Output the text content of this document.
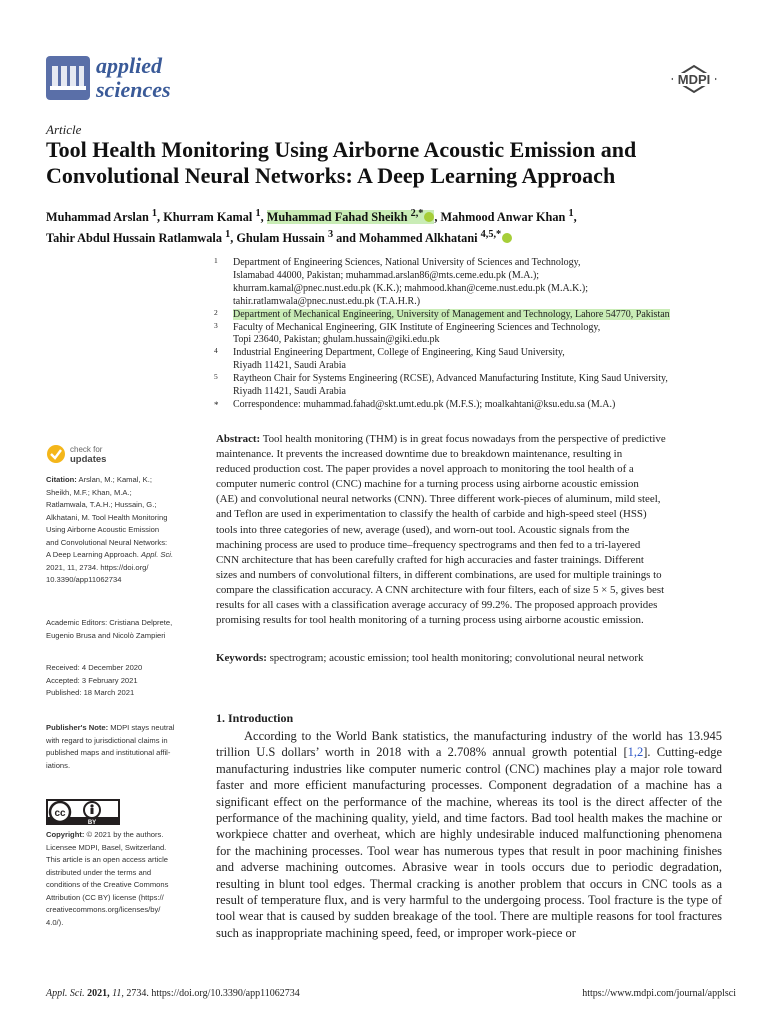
applied
sciences	MDPI
Article
Tool Health Monitoring Using Airborne Acoustic Emission and Convolutional Neural Networks: A Deep Learning Approach
Muhammad Arslan $^1$, Khurram Kamal $^1$, Muhammad Fahad Sheikh $^{2,*}$ , Mahmood Anwar Khan $^1$,
Tahir Abdul Hussain Ratlamwala $^1$, Ghulam Hussain $^3$ and Mohammed Alkhatani $^{4,5,*}$
1 Department of Engineering Sciences, National University of Sciences and Technology,
Islamabad 44000, Pakistan; muhammad.arslan86@mts.ceme.edu.pk (M.A.);
khurram.kamal@pnec.nust.edu.pk (K.K.); mahmood.khan@ceme.nust.edu.pk (M.A.K.);
tahir.ratlamwala@pnec.nust.edu.pk (T.A.H.R.)
2 Department of Mechanical Engineering, University of Management and Technology, Lahore 54770, Pakistan
3 Faculty of Mechanical Engineering, GIK Institute of Engineering Sciences and Technology,
Topi 23640, Pakistan; ghulam.hussain@giki.edu.pk
4 Industrial Engineering Department, College of Engineering, King Saud University,
Riyadh 11421, Saudi Arabia
5 Raytheon Chair for Systems Engineering (RCSE), Advanced Manufacturing Institute, King Saud University,
Riyadh 11421, Saudi Arabia
* Correspondence: muhammad.fahad@skt.umt.edu.pk (M.F.S.); moalkahtani@ksu.edu.sa (M.A.)
check for
updates
Citation: Arslan, M.; Kamal, K.;
Sheikh, M.F.; Khan, M.A.;
Ratlamwala, T.A.H.; Hussain, G.;
Alkhatani, M. Tool Health Monitoring
Using Airborne Acoustic Emission
and Convolutional Neural Networks:
A Deep Learning Approach. Appl. Sci.
2021, 11, 2734. https://doi.org/
10.3390/app11062734
Academic Editors: Cristiana Delprete,
Eugenio Brusa and Nicolò Zampieri
Received: 4 December 2020
Accepted: 3 February 2021
Published: 18 March 2021
Publisher's Note: MDPI stays neutral
with regard to jurisdictional claims in
published maps and institutional affil-
iations.
cc
BY
Copyright: © 2021 by the authors.
Licensee MDPI, Basel, Switzerland.
This article is an open access article
distributed under the terms and
conditions of the Creative Commons
Attribution (CC BY) license (https://
creativecommons.org/licenses/by/
4.0/).
Abstract: Tool health monitoring (THM) is in great focus nowadays from the perspective of predictive
maintenance. It prevents the increased downtime due to breakdown maintenance, resulting in
reduced production cost. The paper provides a novel approach to monitoring the tool health of a
computer numeric control (CNC) machine for a turning process using airborne acoustic emission
(AE) and convolutional neural networks (CNN). Three different work-pieces of aluminum, mild steel,
and Teflon are used in experimentation to classify the health of carbide and high-speed steel (HSS)
tools into three categories of new, average (used), and worn-out tool. Acoustic signals from the
machining process are used to produce time–frequency spectrograms and then fed to a tri-layered
CNN architecture that has been carefully crafted for high accuracies and faster trainings. Different
sizes and numbers of convolutional filters, in different combinations, are used for multiple trainings to
compare the classification accuracy. A CNN architecture with four filters, each of size 5 × 5, gives best
results for all cases with a classification average accuracy of 99.2%. The proposed approach provides
promising results for tool health monitoring of a turning process using airborne acoustic emission.
Keywords: spectrogram; acoustic emission; tool health monitoring; convolutional neural network
1. Introduction
According to the World Bank statistics, the manufacturing industry of the world has 13.945 trillion U.S dollars’ worth in 2018 with a 2.708% annual growth potential [1,2]. Cutting-edge manufacturing industries like computer numeric control (CNC) machines play a major role toward faster and more efficient manufacturing processes. Component degradation of a machine has a significant effect on the performance of the machine, whereas its tool is the direct affecter of the performance of the machining quality, yield, and time factors. Bad tool health makes the machine or workpiece chatter and overheat, which are highly undesirable induced malfunctioning phenomena for the machining processes. Tool wear has numerous types that result in poor machining finishes and adverse machining outcomes. Abrasive wear in tools occurs due to periodic degradation, resulting in blunt tool edges. Thermal cracking is another problem that occurs in CNC tools as a result of temperature flux, and is very harmful to the undergoing process. Tool fracture is the type of tool wear that is caused by sudden breakage of the tool. There are multiple reasons for tool fractures such as inappropriate machining speed, feed, or improper work-piece or
Appl. Sci. 2021, 11, 2734. https://doi.org/10.3390/app11062734	https://www.mdpi.com/journal/applsci
